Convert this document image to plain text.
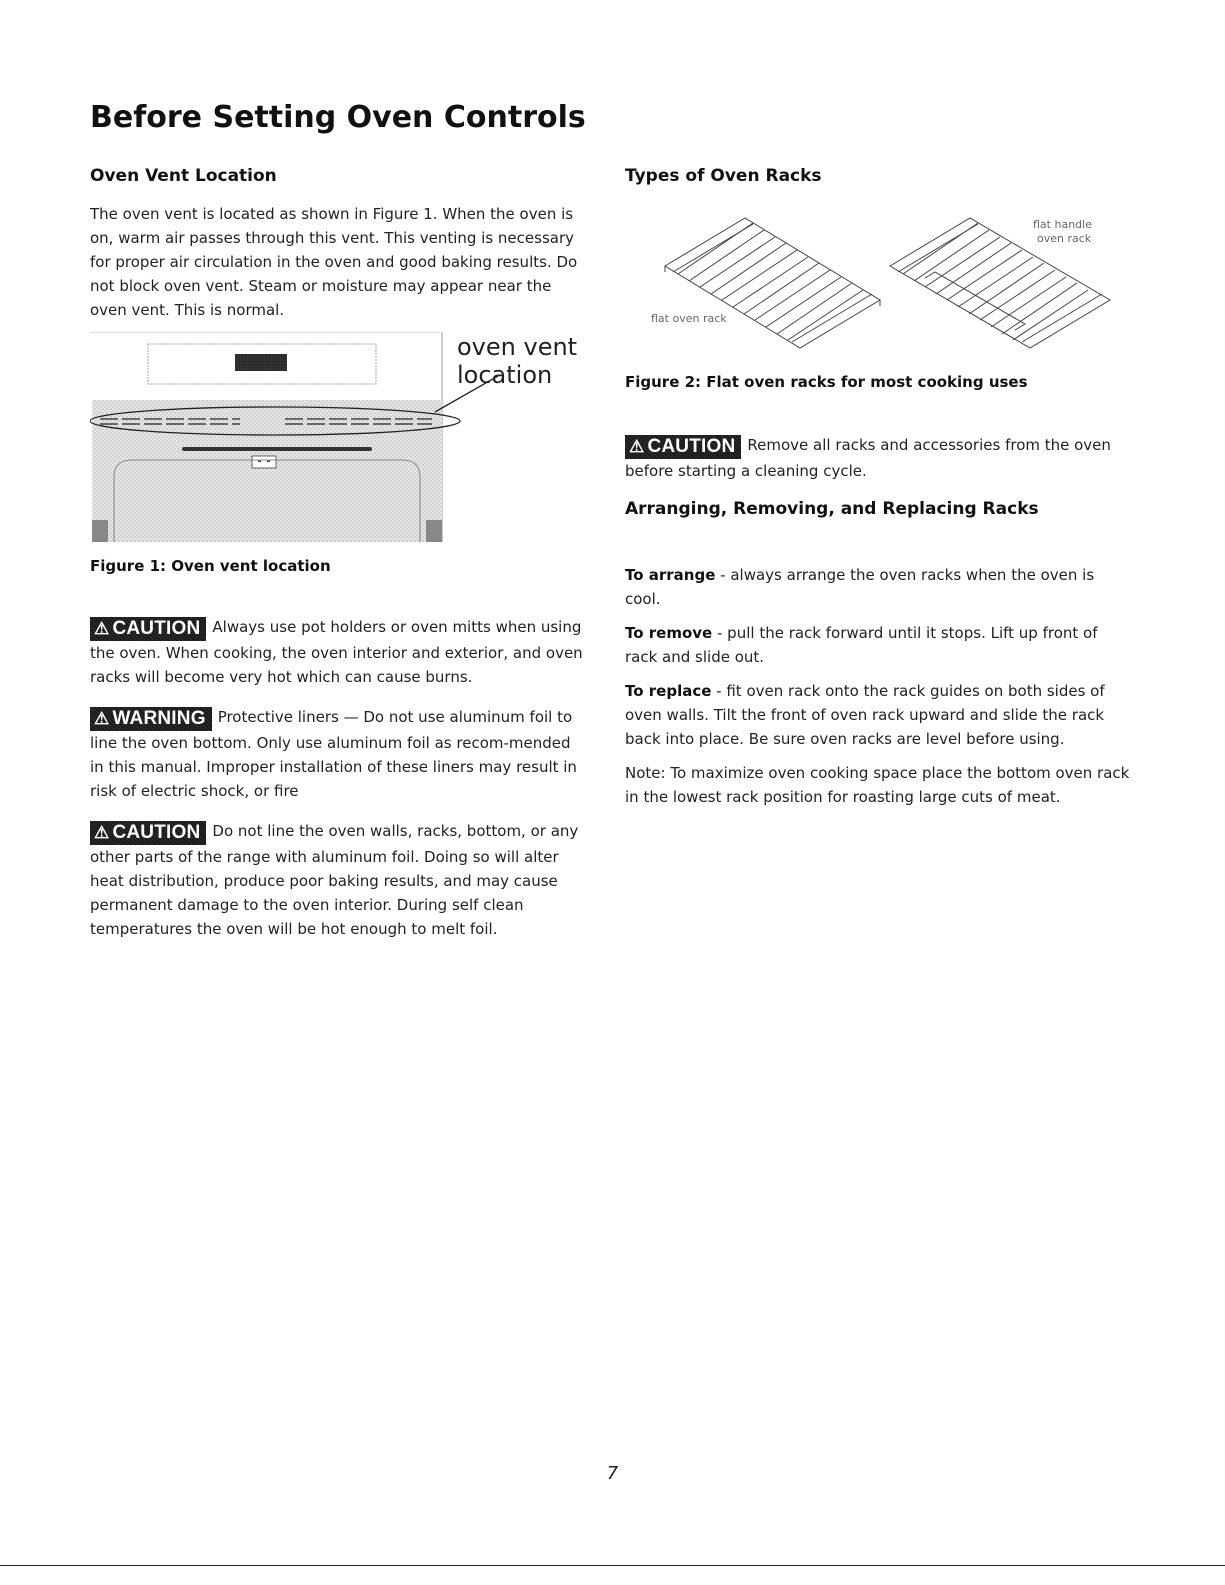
Before Setting Oven Controls
Oven Vent Location

The oven vent is located as shown in Figure 1. When the oven is on, warm air passes through this vent. This venting is necessary for proper air circulation in the oven and good baking results. Do not block oven vent. Steam or moisture may appear near the oven vent. This is normal.

oven vent
location

Figure 1: Oven vent location

⚠ CAUTION Always use pot holders or oven mitts when using the oven. When cooking, the oven interior and exterior, and oven racks will become very hot which can cause burns.

⚠ WARNING Protective liners — Do not use aluminum foil to line the oven bottom. Only use aluminum foil as recom-mended in this manual. Improper installation of these liners may result in risk of electric shock, or fire

⚠ CAUTION Do not line the oven walls, racks, bottom, or any other parts of the range with aluminum foil. Doing so will alter heat distribution, produce poor baking results, and may cause permanent damage to the oven interior. During self clean temperatures the oven will be hot enough to melt foil.

Types of Oven Racks
flat oven rack
flat handle
oven rack

Figure 2: Flat oven racks for most cooking uses

⚠ CAUTION Remove all racks and accessories from the oven before starting a cleaning cycle.

Arranging, Removing, and Replacing Racks

To arrange - always arrange the oven racks when the oven is cool.

To remove - pull the rack forward until it stops. Lift up front of rack and slide out.

To replace - fit oven rack onto the rack guides on both sides of oven walls. Tilt the front of oven rack upward and slide the rack back into place. Be sure oven racks are level before using.

Note: To maximize oven cooking space place the bottom oven rack in the lowest rack position for roasting large cuts of meat.

7
